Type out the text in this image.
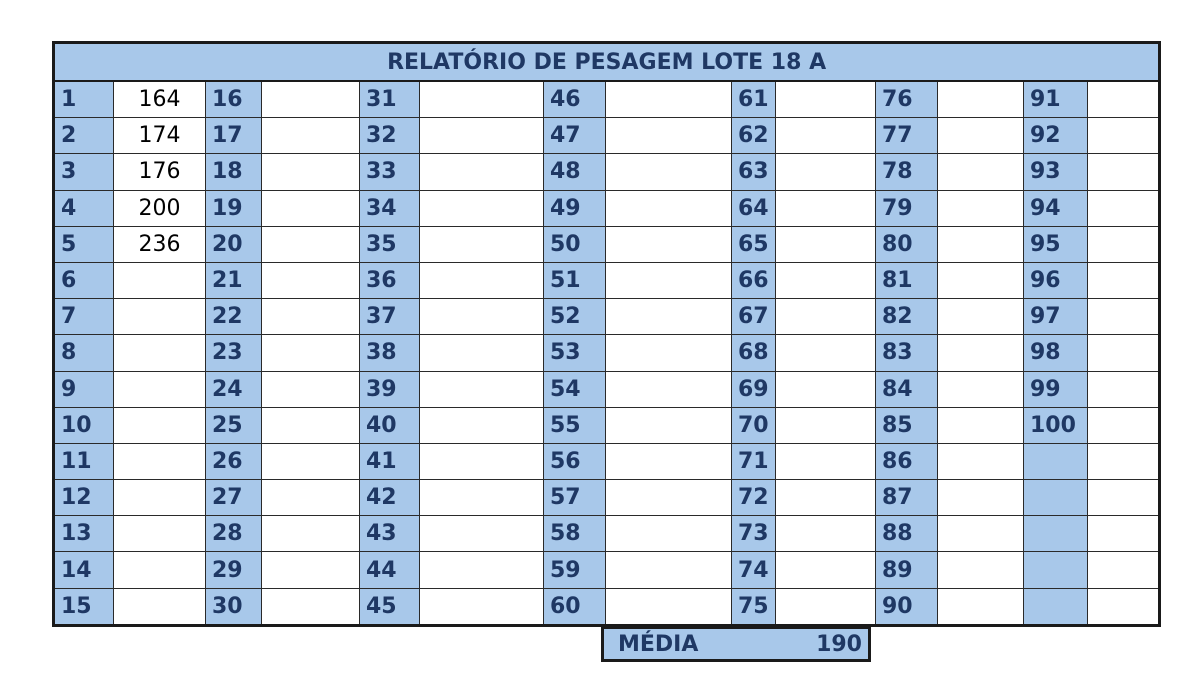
RELATÓRIO DE PESAGEM LOTE 18 A													
1	164	16		31		46		61		76		91	
2	174	17		32		47		62		77		92	
3	176	18		33		48		63		78		93	
4	200	19		34		49		64		79		94	
5	236	20		35		50		65		80		95	
6		21		36		51		66		81		96	
7		22		37		52		67		82		97	
8		23		38		53		68		83		98	
9		24		39		54		69		84		99	
10		25		40		55		70		85		100	
11		26		41		56		71		86			
12		27		42		57		72		87			
13		28		43		58		73		88			
14		29		44		59		74		89			
15		30		45		60		75		90			
MÉDIA	190
